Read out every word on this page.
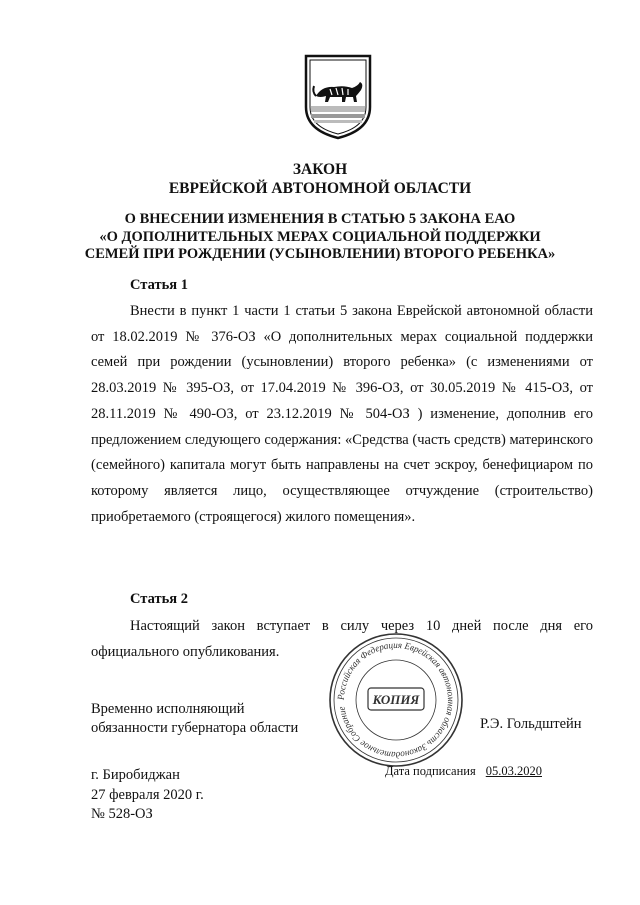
ЗАКОН
ЕВРЕЙСКОЙ АВТОНОМНОЙ ОБЛАСТИ
О ВНЕСЕНИИ ИЗМЕНЕНИЯ В СТАТЬЮ 5 ЗАКОНА ЕАО
«О ДОПОЛНИТЕЛЬНЫХ МЕРАХ СОЦИАЛЬНОЙ ПОДДЕРЖКИ
СЕМЕЙ ПРИ РОЖДЕНИИ (УСЫНОВЛЕНИИ) ВТОРОГО РЕБЕНКА»
Статья 1
Внести в пункт 1 части 1 статьи 5 закона Еврейской автономной области от 18.02.2019 № 376-ОЗ «О дополнительных мерах социальной поддержки семей при рождении (усыновлении) второго ребенка» (с изменениями от 28.03.2019 № 395-ОЗ, от 17.04.2019 № 396-ОЗ, от 30.05.2019 № 415-ОЗ, от 28.11.2019 № 490-ОЗ, от 23.12.2019 № 504-ОЗ ) изменение, дополнив его предложением следующего содержания: «Средства (часть средств) материнского (семейного) капитала могут быть направлены на счет эскроу, бенефициаром по которому является лицо, осуществляющее отчуждение (строительство) приобретаемого (строящегося) жилого помещения».
Статья 2
Настоящий закон вступает в силу через 10 дней после дня его официального опубликования.
Российская Федерация Еврейская автономная область Законодательное Собрание
КОПИЯ
Временно исполняющий
обязанности губернатора области	Р.Э. Гольдштейн
Дата подписания 05.03.2020
г. Биробиджан
27 февраля 2020 г.
№ 528-ОЗ
